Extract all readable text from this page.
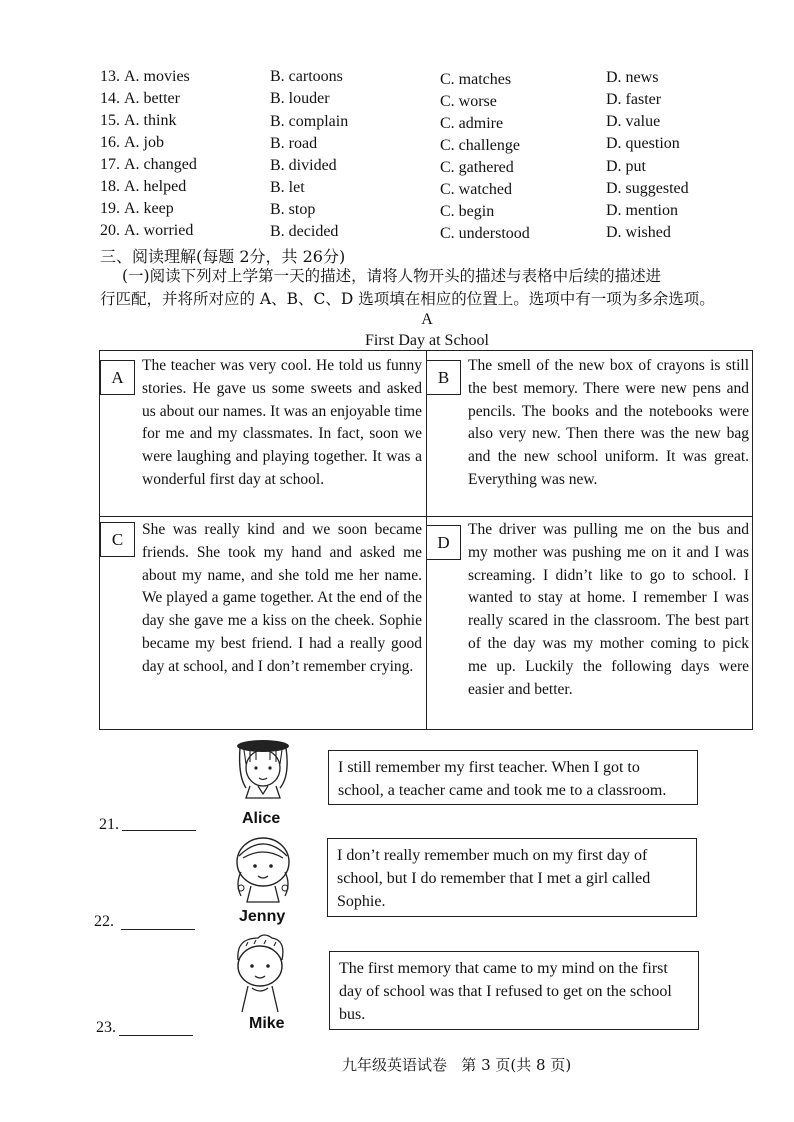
13. A. movies	B. cartoons	C. matches	D. news
14. A. better	B. louder	C. worse	D. faster
15. A. think	B. complain	C. admire	D. value
16. A. job	B. road	C. challenge	D. question
17. A. changed	B. divided	C. gathered	D. put
18. A. helped	B. let	C. watched	D. suggested
19. A. keep	B. stop	C. begin	D. mention
20. A. worried	B. decided	C. understood	D. wished
三、阅读理解(每题 2分，共 26分)
(一)阅读下列对上学第一天的描述，请将人物开头的描述与表格中后续的描述进
行匹配，并将所对应的 A、B、C、D 选项填在相应的位置上。选项中有一项为多余选项。
A
First Day at School
A
The teacher was very cool. He told us funny stories. He gave us some sweets and asked us about our names. It was an enjoyable time for me and my classmates. In fact, soon we were laughing and playing together. It was a wonderful first day at school.
B
The smell of the new box of crayons is still the best memory. There were new pens and pencils. The books and the notebooks were also very new. Then there was the new bag and the new school uniform. It was great. Everything was new.
C	She was really kind and we soon became friends. She took my hand and asked me about my name, and she told me her name. We played a game together. At the end of the day she gave me a kiss on the cheek. Sophie became my best friend. I had a really good day at school, and I don’t remember crying.
D
The driver was pulling me on the bus and my mother was pushing me on it and I was screaming. I didn’t like to go to school. I wanted to stay at home. I remember I was really scared in the classroom. The best part of the day was my mother coming to pick me up. Luckily the following days were easier and better.
Alice
21.
I still remember my first teacher. When I got to school, a teacher came and took me to a classroom.
Jenny
22.
I don’t really remember much on my first day of school, but I do remember that I met a girl called Sophie.
Mike
23.
The first memory that came to my mind on the first day of school was that I refused to get on the school bus.
九年级英语试卷   第 3 页(共 8 页)
